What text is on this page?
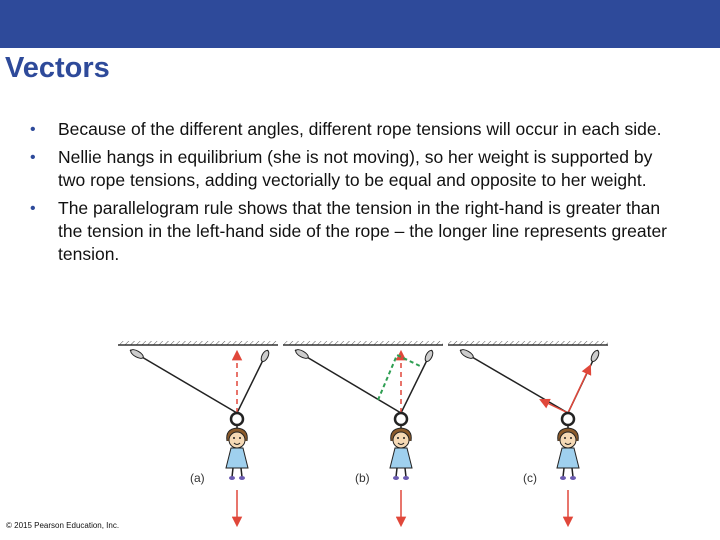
Vectors
• Because of the different angles, different rope tensions will occur in each side.
• Nellie hangs in equilibrium (she is not moving), so her weight is supported by two rope tensions, adding vectorially to be equal and opposite to her weight.
• The parallelogram rule shows that the tension in the right-hand is greater than the tension in the left-hand side of the rope – the longer line represents greater tension.
(a)	(b)	(c)
© 2015 Pearson Education, Inc.
